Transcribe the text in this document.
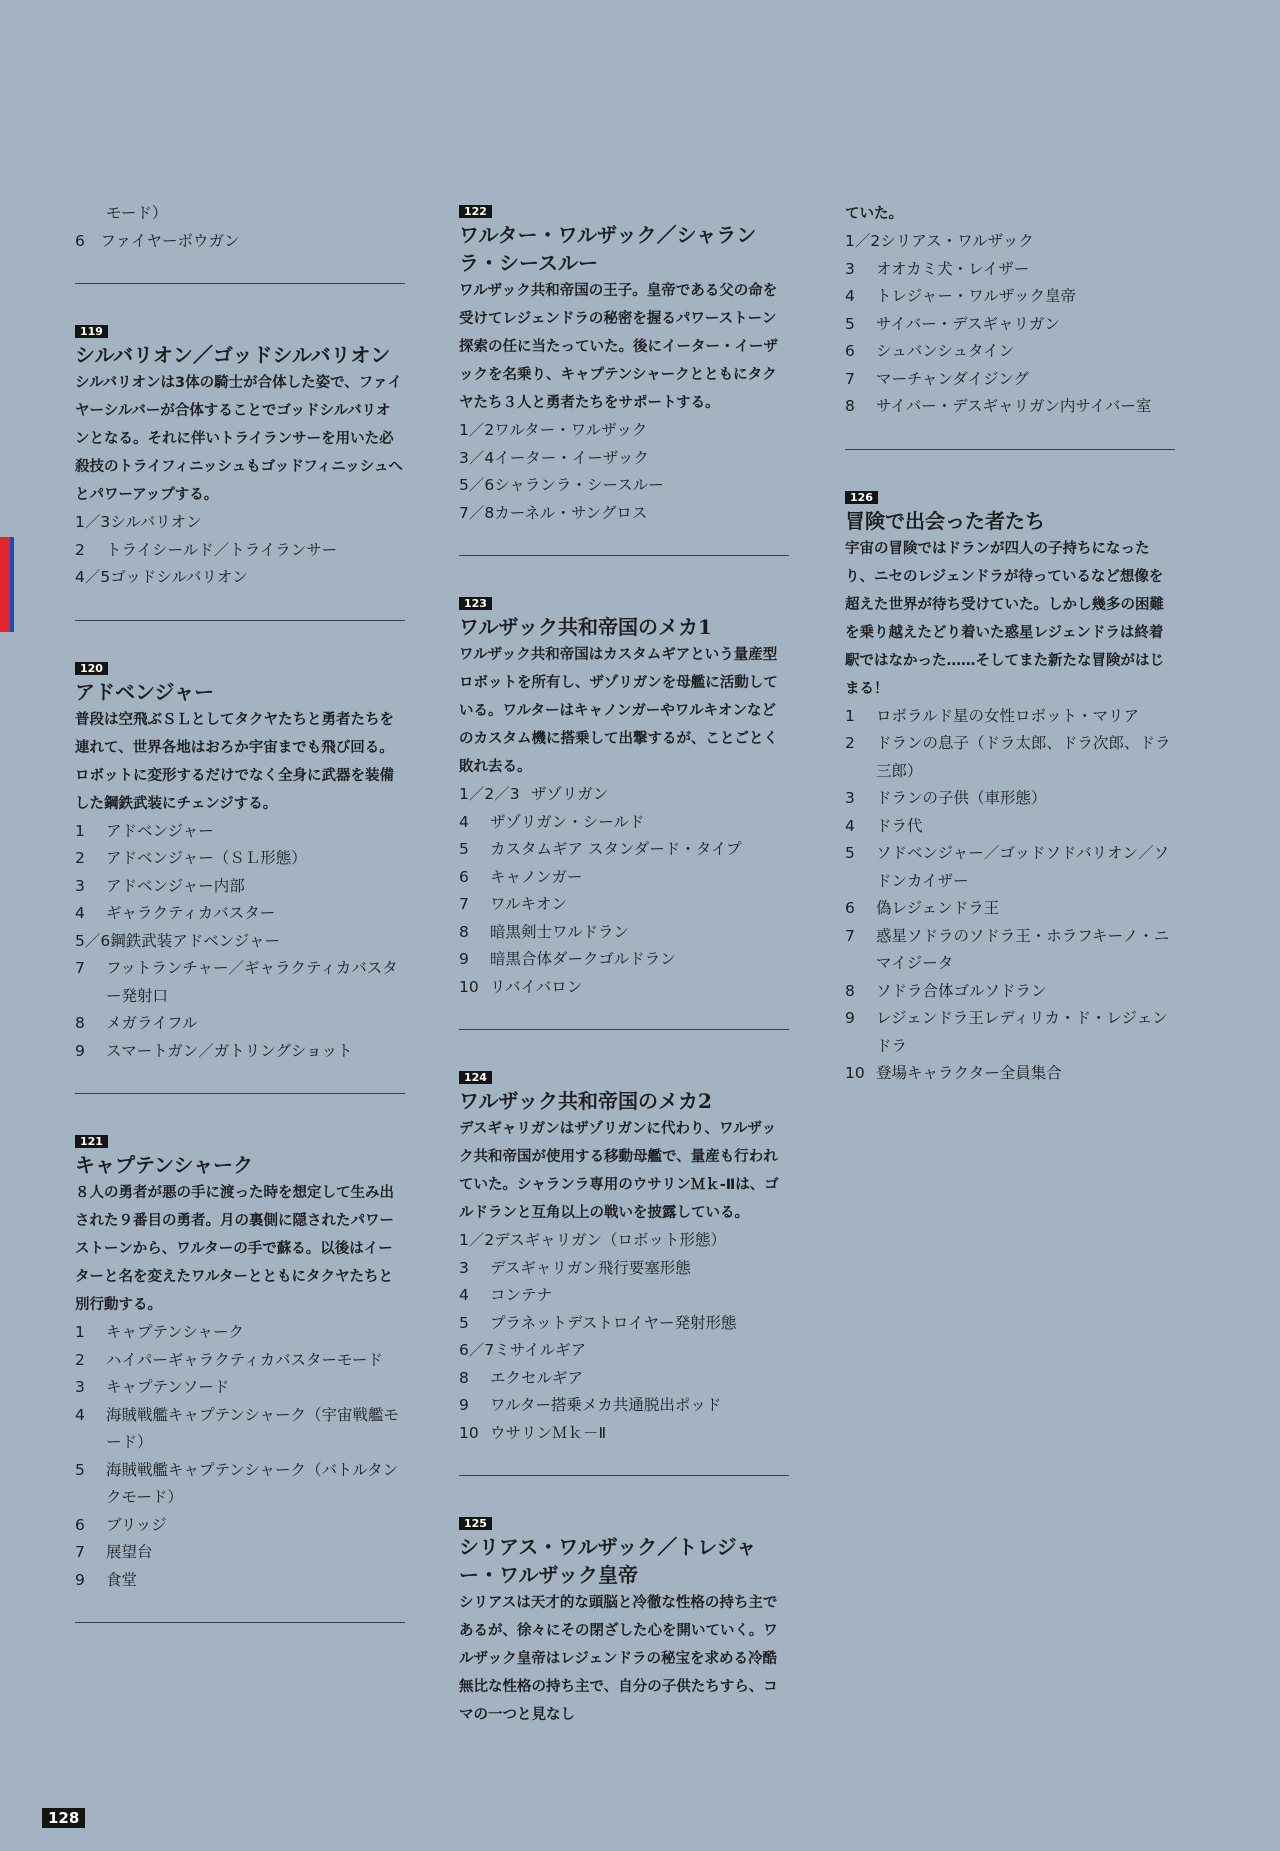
モード）
6　ファイヤーボウガン
119
シルバリオン／ゴッドシルバリオン

シルバリオンは3体の騎士が合体した姿で、ファイヤーシルバーが合体することでゴッドシルバリオンとなる。それに伴いトライランサーを用いた必殺技のトライフィニッシュもゴッドフィニッシュへとパワーアップする。

1／3シルバリオン
2 トライシールド／トライランサー
4／5ゴッドシルバリオン
120
アドベンジャー

普段は空飛ぶＳＬとしてタクヤたちと勇者たちを連れて、世界各地はおろか宇宙までも飛び回る。ロボットに変形するだけでなく全身に武器を装備した鋼鉄武装にチェンジする。

1 アドベンジャー
2 アドベンジャー（ＳＬ形態）
3 アドベンジャー内部
4 ギャラクティカバスター
5／6鋼鉄武装アドベンジャー
7 フットランチャー／ギャラクティカバスター発射口
8 メガライフル
9 スマートガン／ガトリングショット
121
キャプテンシャーク

８人の勇者が悪の手に渡った時を想定して生み出された９番目の勇者。月の裏側に隠されたパワーストーンから、ワルターの手で蘇る。以後はイーターと名を変えたワルターとともにタクヤたちと別行動する。

1 キャプテンシャーク
2 ハイパーギャラクティカバスターモード
3 キャプテンソード
4 海賊戦艦キャプテンシャーク（宇宙戦艦モード）
5 海賊戦艦キャプテンシャーク（バトルタンクモード）
6 ブリッジ
7 展望台
9 食堂
122
ワルター・ワルザック／シャランラ・シースルー

ワルザック共和帝国の王子。皇帝である父の命を受けてレジェンドラの秘密を握るパワーストーン探索の任に当たっていた。後にイーター・イーザックを名乗り、キャプテンシャークとともにタクヤたち３人と勇者たちをサポートする。

1／2ワルター・ワルザック
3／4イーター・イーザック
5／6シャランラ・シースルー
7／8カーネル・サングロス
123
ワルザック共和帝国のメカ1

ワルザック共和帝国はカスタムギアという量産型ロボットを所有し、ザゾリガンを母艦に活動している。ワルターはキャノンガーやワルキオンなどのカスタム機に搭乗して出撃するが、ことごとく敗れ去る。

1／2／3 ザゾリガン
4 ザゾリガン・シールド
5 カスタムギア スタンダード・タイプ
6 キャノンガー
7 ワルキオン
8 暗黒剣士ワルドラン
9 暗黒合体ダークゴルドラン
10 リバイバロン
124
ワルザック共和帝国のメカ2

デスギャリガンはザゾリガンに代わり、ワルザック共和帝国が使用する移動母艦で、量産も行われていた。シャランラ専用のウサリンＭｋ-Ⅱは、ゴルドランと互角以上の戦いを披露している。

1／2デスギャリガン（ロボット形態）
3 デスギャリガン飛行要塞形態
4 コンテナ
5 プラネットデストロイヤー発射形態
6／7ミサイルギア
8 エクセルギア
9 ワルター搭乗メカ共通脱出ポッド
10 ウサリンＭｋ－Ⅱ
125
シリアス・ワルザック／トレジャー・ワルザック皇帝

シリアスは天才的な頭脳と冷徹な性格の持ち主であるが、徐々にその閉ざした心を開いていく。ワルザック皇帝はレジェンドラの秘宝を求める冷酷無比な性格の持ち主で、自分の子供たちすら、コマの一つと見なし

ていた。

1／2シリアス・ワルザック
3 オオカミ犬・レイザー
4 トレジャー・ワルザック皇帝
5 サイバー・デスギャリガン
6 シュバンシュタイン
7 マーチャンダイジング
8 サイバー・デスギャリガン内サイバー室
126
冒険で出会った者たち

宇宙の冒険ではドランが四人の子持ちになったり、ニセのレジェンドラが待っているなど想像を超えた世界が待ち受けていた。しかし幾多の困難を乗り越えたどり着いた惑星レジェンドラは終着駅ではなかった……そしてまた新たな冒険がはじまる！

1 ロボラルド星の女性ロボット・マリア
2 ドランの息子（ドラ太郎、ドラ次郎、ドラ三郎）
3 ドランの子供（車形態）
4 ドラ代
5 ソドベンジャー／ゴッドソドバリオン／ソドンカイザー
6 偽レジェンドラ王
7 惑星ソドラのソドラ王・ホラフキーノ・ニマイジータ
8 ソドラ合体ゴルソドラン
9 レジェンドラ王レディリカ・ド・レジェンドラ
10 登場キャラクター全員集合
128
